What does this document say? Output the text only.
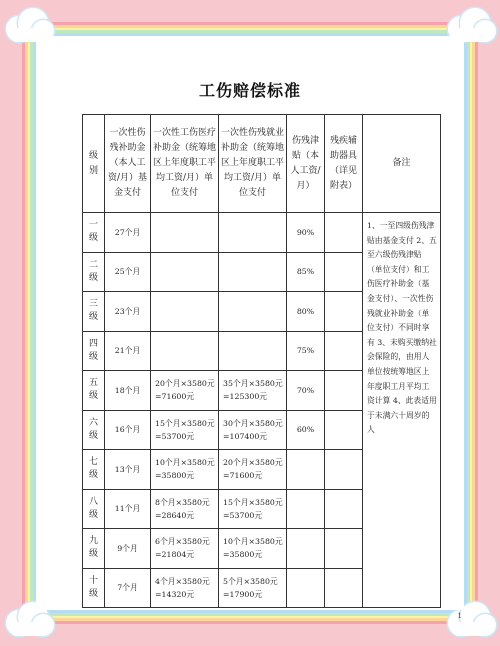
工伤赔偿标准
级别	一次性伤残补助金（本人工资/月）基金支付	一次性工伤医疗补助金（统筹地区上年度职工平均工资/月）单位支付	一次性伤残就业补助金（统筹地区上年度职工平均工资/月）单位支付	伤残津贴（本人工资/月）	残疾辅助器具（详见附表）	备注
一级	27个月			90%		1、一至四级伤残津贴由基金支付 2、五至六级伤残津贴（单位支付）和工伤医疗补助金（基金支付）、一次性伤残就业补助金（单位支付）不同时享有 3、未购买缴纳社会保险的，由用人单位按统筹地区上年度职工月平均工资计算 4、此表适用于未满六十周岁的人
二级	25个月			85%		
三级	23个月			80%		
四级	21个月			75%		
五级	18个月	20个月×3580元=71600元	35个月×3580元=125300元	70%		
六级	16个月	15个月×3580元=53700元	30个月×3580元=107400元	60%		
七级	13个月	10个月×3580元=35800元	20个月×3580元=71600元			
八级	11个月	8个月×3580元=28640元	15个月×3580元=53700元			
九级	9个月	6个月×3580元=21804元	10个月×3580元=35800元			
十级	7个月	4个月×3580元=14320元	5个月×3580元=17900元			
1
